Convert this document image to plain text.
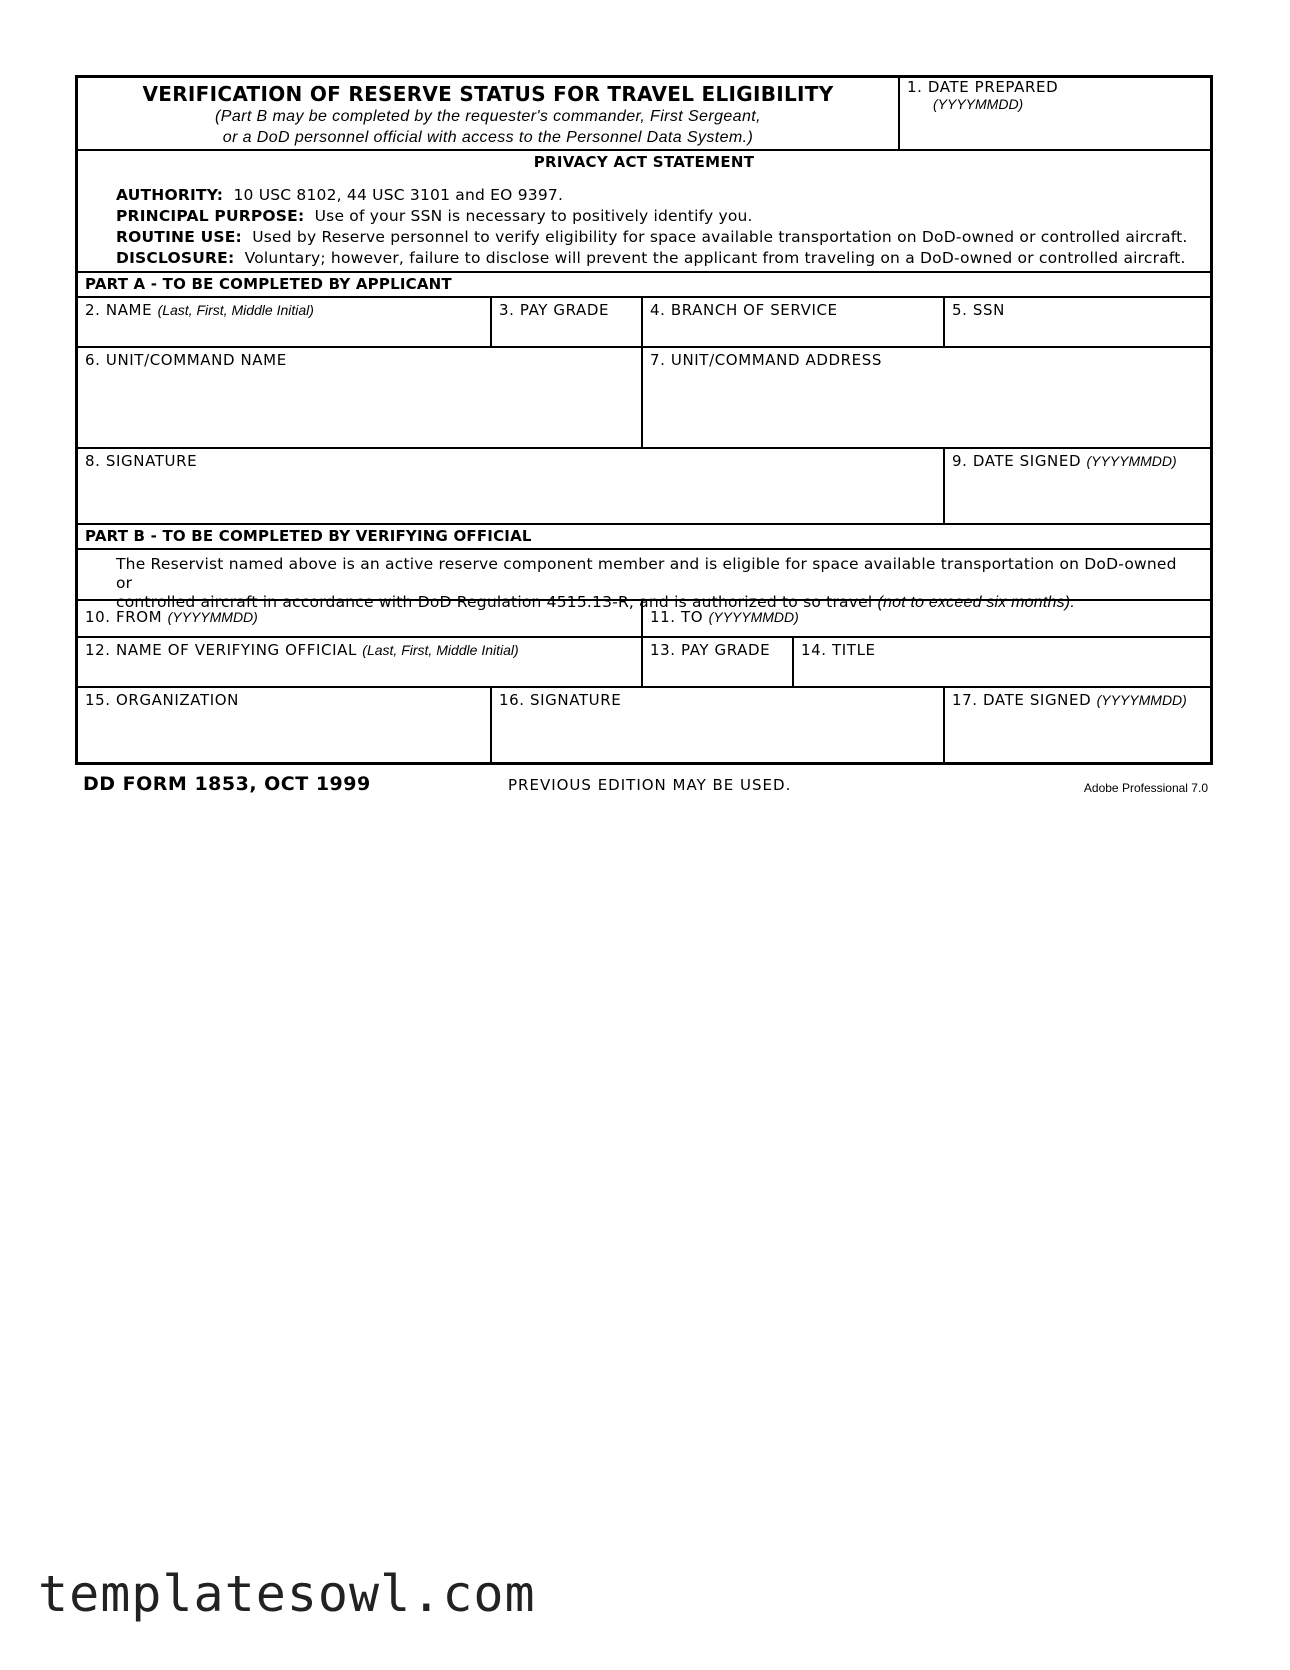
VERIFICATION OF RESERVE STATUS FOR TRAVEL ELIGIBILITY
(Part B may be completed by the requester's commander, First Sergeant,
or a DoD personnel official with access to the Personnel Data System.)
1. DATE PREPARED
(YYYYMMDD)
PRIVACY ACT STATEMENT
AUTHORITY: 10 USC 8102, 44 USC 3101 and EO 9397.
PRINCIPAL PURPOSE: Use of your SSN is necessary to positively identify you.
ROUTINE USE: Used by Reserve personnel to verify eligibility for space available transportation on DoD-owned or controlled aircraft.
DISCLOSURE: Voluntary; however, failure to disclose will prevent the applicant from traveling on a DoD-owned or controlled aircraft.
PART A - TO BE COMPLETED BY APPLICANT
2. NAME (Last, First, Middle Initial)	3. PAY GRADE	4. BRANCH OF SERVICE	5. SSN
6. UNIT/COMMAND NAME	7. UNIT/COMMAND ADDRESS
8. SIGNATURE	9. DATE SIGNED (YYYYMMDD)
PART B - TO BE COMPLETED BY VERIFYING OFFICIAL
The Reservist named above is an active reserve component member and is eligible for space available transportation on DoD-owned or
controlled aircraft in accordance with DoD Regulation 4515.13-R, and is authorized to so travel (not to exceed six months).
10. FROM (YYYYMMDD)	11. TO (YYYYMMDD)
12. NAME OF VERIFYING OFFICIAL (Last, First, Middle Initial)	13. PAY GRADE	14. TITLE
15. ORGANIZATION	16. SIGNATURE	17. DATE SIGNED (YYYYMMDD)
DD FORM 1853, OCT 1999	PREVIOUS EDITION MAY BE USED.	Adobe Professional 7.0
templatesowl.com
